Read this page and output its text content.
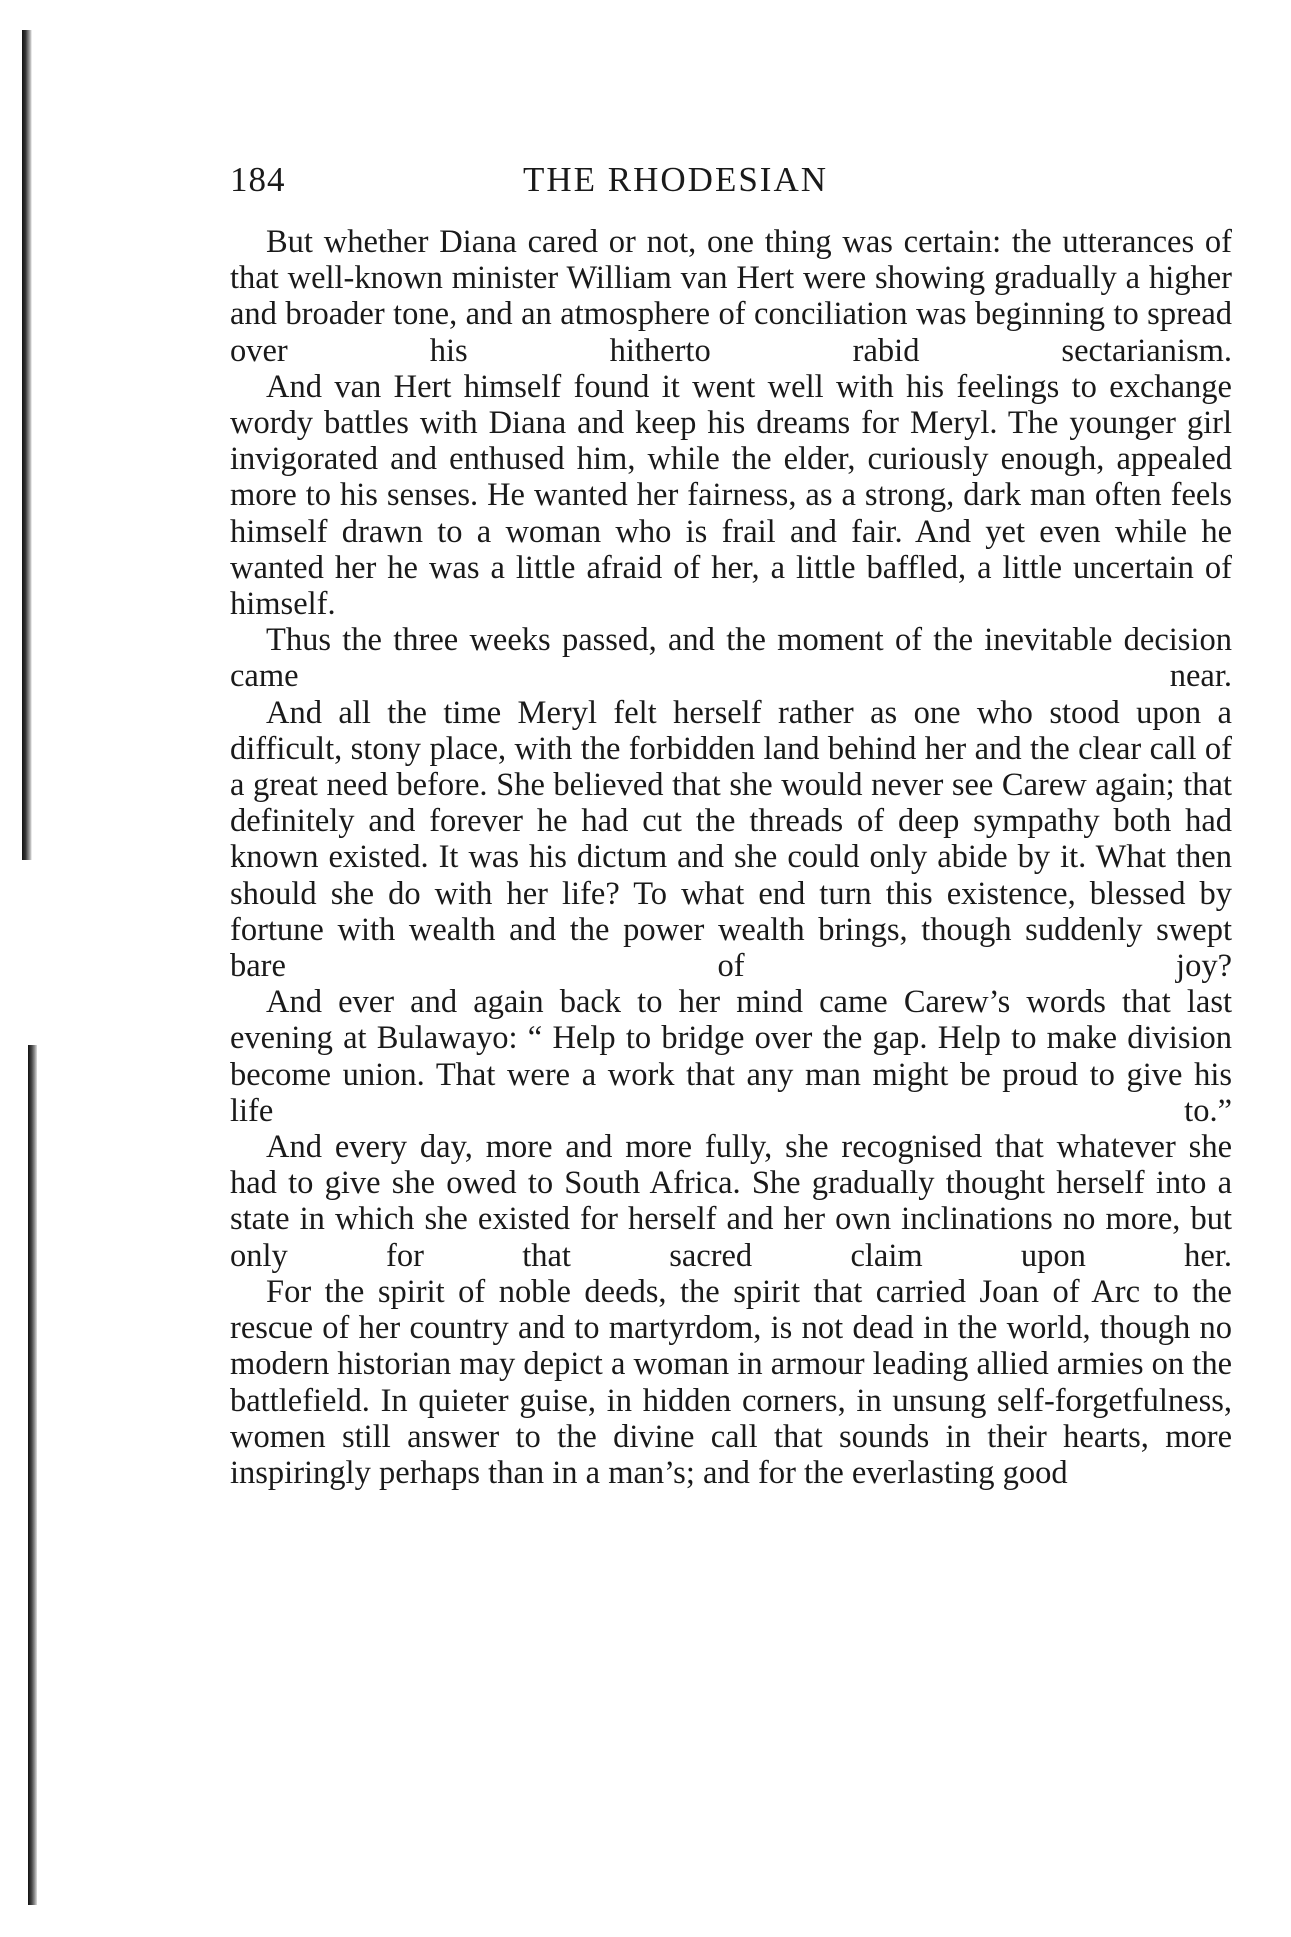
184	THE RHODESIAN

But whether Diana cared or not, one thing was certain: the utterances of that well-known minister William van Hert were showing gradually a higher and broader tone, and an atmosphere of conciliation was beginning to spread over his hitherto rabid sectarianism.

And van Hert himself found it went well with his feelings to exchange wordy battles with Diana and keep his dreams for Meryl. The younger girl invigorated and enthused him, while the elder, curiously enough, appealed more to his senses. He wanted her fairness, as a strong, dark man often feels himself drawn to a woman who is frail and fair. And yet even while he wanted her he was a little afraid of her, a little baffled, a little uncertain of himself.

Thus the three weeks passed, and the moment of the inevitable decision came near.

And all the time Meryl felt herself rather as one who stood upon a difficult, stony place, with the forbidden land behind her and the clear call of a great need before. She believed that she would never see Carew again; that definitely and forever he had cut the threads of deep sympathy both had known existed. It was his dictum and she could only abide by it. What then should she do with her life? To what end turn this existence, blessed by fortune with wealth and the power wealth brings, though suddenly swept bare of joy?

And ever and again back to her mind came Carew’s words that last evening at Bulawayo: “ Help to bridge over the gap. Help to make division become union. That were a work that any man might be proud to give his life to.”

And every day, more and more fully, she recognised that whatever she had to give she owed to South Africa. She gradually thought herself into a state in which she existed for herself and her own inclinations no more, but only for that sacred claim upon her.

For the spirit of noble deeds, the spirit that carried Joan of Arc to the rescue of her country and to martyrdom, is not dead in the world, though no modern historian may depict a woman in armour leading allied armies on the battlefield. In quieter guise, in hidden corners, in unsung self-forgetfulness, women still answer to the divine call that sounds in their hearts, more inspiringly perhaps than in a man’s; and for the everlasting good
